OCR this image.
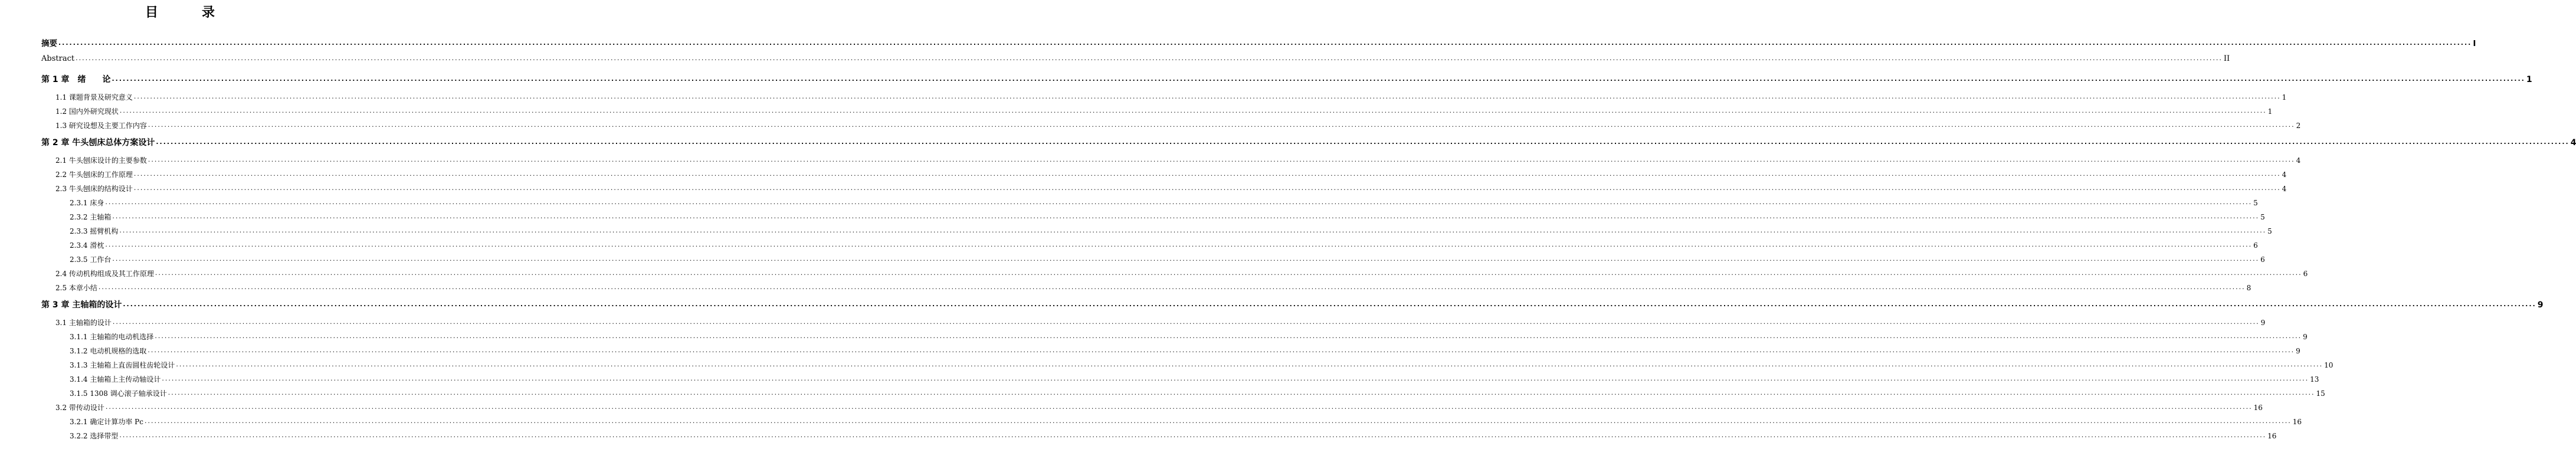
目　录
摘要 ...................................................................................................................................................................................................................................................................................................................................................................................................................................................................................................................................................................................................................................................................................... I
Abstract ...................................................................................................................................................................................................................................................................................................................................................................................................................................................................................................................................................................................................................................................................................... II
第 1 章　绪　　论 ...................................................................................................................................................................................................................................................................................................................................................................................................................................................................................................................................................................................................................................................................................... 1
1.1 课题背景及研究意义 ...................................................................................................................................................................................................................................................................................................................................................................................................................................................................................................................................................................................................................................................................................... 1
1.2 国内外研究现状 ...................................................................................................................................................................................................................................................................................................................................................................................................................................................................................................................................................................................................................................................................................... 1
1.3 研究设想及主要工作内容 ...................................................................................................................................................................................................................................................................................................................................................................................................................................................................................................................................................................................................................................................................................... 2
第 2 章 牛头刨床总体方案设计 ...................................................................................................................................................................................................................................................................................................................................................................................................................................................................................................................................................................................................................................................................................... 4
2.1 牛头刨床设计的主要参数 ...................................................................................................................................................................................................................................................................................................................................................................................................................................................................................................................................................................................................................................................................................... 4
2.2 牛头刨床的工作原理 ...................................................................................................................................................................................................................................................................................................................................................................................................................................................................................................................................................................................................................................................................................... 4
2.3 牛头刨床的结构设计 ...................................................................................................................................................................................................................................................................................................................................................................................................................................................................................................................................................................................................................................................................................... 4
2.3.1 床身 ...................................................................................................................................................................................................................................................................................................................................................................................................................................................................................................................................................................................................................................................................................... 5
2.3.2 主轴箱 ...................................................................................................................................................................................................................................................................................................................................................................................................................................................................................................................................................................................................................................................................................... 5
2.3.3 摇臂机构 ...................................................................................................................................................................................................................................................................................................................................................................................................................................................................................................................................................................................................................................................................................... 5
2.3.4 滑枕 ...................................................................................................................................................................................................................................................................................................................................................................................................................................................................................................................................................................................................................................................................................... 6
2.3.5 工作台 ...................................................................................................................................................................................................................................................................................................................................................................................................................................................................................................................................................................................................................................................................................... 6
2.4 传动机构组成及其工作原理 ...................................................................................................................................................................................................................................................................................................................................................................................................................................................................................................................................................................................................................................................................................... 6
2.5 本章小结 ...................................................................................................................................................................................................................................................................................................................................................................................................................................................................................................................................................................................................................................................................................... 8
第 3 章 主轴箱的设计 ...................................................................................................................................................................................................................................................................................................................................................................................................................................................................................................................................................................................................................................................................................... 9
3.1 主轴箱的设计 ...................................................................................................................................................................................................................................................................................................................................................................................................................................................................................................................................................................................................................................................................................... 9
3.1.1 主轴箱的电动机选择 ...................................................................................................................................................................................................................................................................................................................................................................................................................................................................................................................................................................................................................................................................................... 9
3.1.2 电动机规格的选取 ...................................................................................................................................................................................................................................................................................................................................................................................................................................................................................................................................................................................................................................................................................... 9
3.1.3 主轴箱上直齿圆柱齿轮设计 ...................................................................................................................................................................................................................................................................................................................................................................................................................................................................................................................................................................................................................................................................................... 10
3.1.4 主轴箱上主传动轴设计 ...................................................................................................................................................................................................................................................................................................................................................................................................................................................................................................................................................................................................................................................................................... 13
3.1.5 1308 调心滚子轴承设计 ...................................................................................................................................................................................................................................................................................................................................................................................................................................................................................................................................................................................................................................................................................... 15
3.2 带传动设计 ...................................................................................................................................................................................................................................................................................................................................................................................................................................................................................................................................................................................................................................................................................... 16
3.2.1 确定计算功率 Pc ...................................................................................................................................................................................................................................................................................................................................................................................................................................................................................................................................................................................................................................................................................... 16
3.2.2 选择带型 ...................................................................................................................................................................................................................................................................................................................................................................................................................................................................................................................................................................................................................................................................................... 16
